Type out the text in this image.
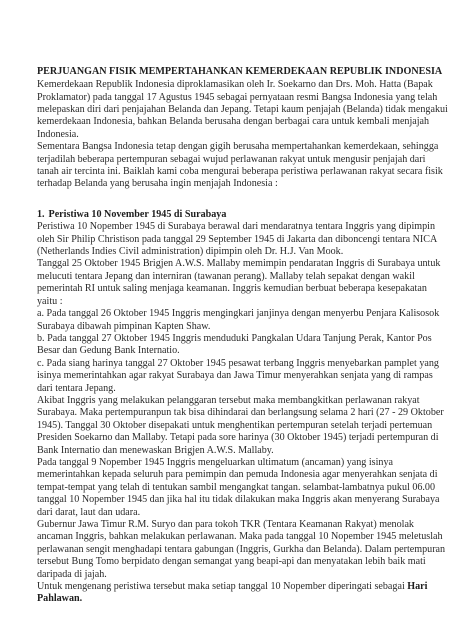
PERJUANGAN FISIK MEMPERTAHANKAN KEMERDEKAAN REPUBLIK INDONESIA

Kemerdekaan Republik Indonesia diproklamasikan oleh Ir. Soekarno dan Drs. Moh. Hatta (Bapak Proklamator) pada tanggal 17 Agustus 1945 sebagai pernyataan resmi Bangsa Indonesia yang telah melepaskan diri dari penjajahan Belanda dan Jepang. Tetapi kaum penjajah (Belanda) tidak mengakui kemerdekaan Indonesia, bahkan Belanda berusaha dengan berbagai cara untuk kembali menjajah Indonesia.

Sementara Bangsa Indonesia tetap dengan gigih berusaha mempertahankan kemerdekaan, sehingga terjadilah beberapa pertempuran sebagai wujud perlawanan rakyat untuk mengusir penjajah dari tanah air tercinta ini. Baiklah kami coba mengurai beberapa peristiwa perlawanan rakyat secara fisik terhadap Belanda yang berusaha ingin menjajah Indonesia :

1. Peristiwa 10 November 1945 di Surabaya

Peristiwa 10 Nopember 1945 di Surabaya berawal dari mendaratnya tentara Inggris yang dipimpin oleh Sir Philip Christison pada tanggal 29 September 1945 di Jakarta dan diboncengi tentara NICA (Netherlands Indies Civil administration) dipimpin oleh Dr. H.J. Van Mook.

Tanggal 25 Oktober 1945 Brigjen A.W.S. Mallaby memimpin pendaratan Inggris di Surabaya untuk melucuti tentara Jepang dan interniran (tawanan perang). Mallaby telah sepakat dengan wakil pemerintah RI untuk saling menjaga keamanan. Inggris kemudian berbuat beberapa kesepakatan yaitu :

a. Pada tanggal 26 Oktober 1945 Inggris mengingkari janjinya dengan menyerbu Penjara Kalisosok Surabaya dibawah pimpinan Kapten Shaw.

b. Pada tanggal 27 Oktober 1945 Inggris menduduki Pangkalan Udara Tanjung Perak, Kantor Pos Besar dan Gedung Bank Internatio.

c. Pada siang harinya tanggal 27 Oktober 1945 pesawat terbang Inggris menyebarkan pamplet yang isinya memerintahkan agar rakyat Surabaya dan Jawa Timur menyerahkan senjata yang di rampas dari tentara Jepang.

Akibat Inggris yang melakukan pelanggaran tersebut maka membangkitkan perlawanan rakyat Surabaya. Maka pertempuranpun tak bisa dihindarai dan berlangsung selama 2 hari (27 - 29 Oktober 1945). Tanggal 30 Oktober disepakati untuk menghentikan pertempuran setelah terjadi pertemuan Presiden Soekarno dan Mallaby. Tetapi pada sore harinya (30 Oktober 1945) terjadi pertempuran di Bank Internatio dan menewaskan Brigjen A.W.S. Mallaby.

Pada tanggal 9 Nopember 1945 Inggris mengeluarkan ultimatum (ancaman) yang isinya memerintahkan kepada seluruh para pemimpin dan pemuda Indonesia agar menyerahkan senjata di tempat-tempat yang telah di tentukan sambil mengangkat tangan. selambat-lambatnya pukul 06.00 tanggal 10 Nopember 1945 dan jika hal itu tidak dilakukan maka Inggris akan menyerang Surabaya dari darat, laut dan udara.

Gubernur Jawa Timur R.M. Suryo dan para tokoh TKR (Tentara Keamanan Rakyat) menolak ancaman Inggris, bahkan melakukan perlawanan. Maka pada tanggal 10 Nopember 1945 meletuslah perlawanan sengit menghadapi tentara gabungan (Inggris, Gurkha dan Belanda). Dalam pertempuran tersebut Bung Tomo berpidato dengan semangat yang beapi-api dan menyatakan lebih baik mati daripada di jajah.

Untuk mengenang peristiwa tersebut maka setiap tanggal 10 Nopember diperingati sebagai Hari Pahlawan.
